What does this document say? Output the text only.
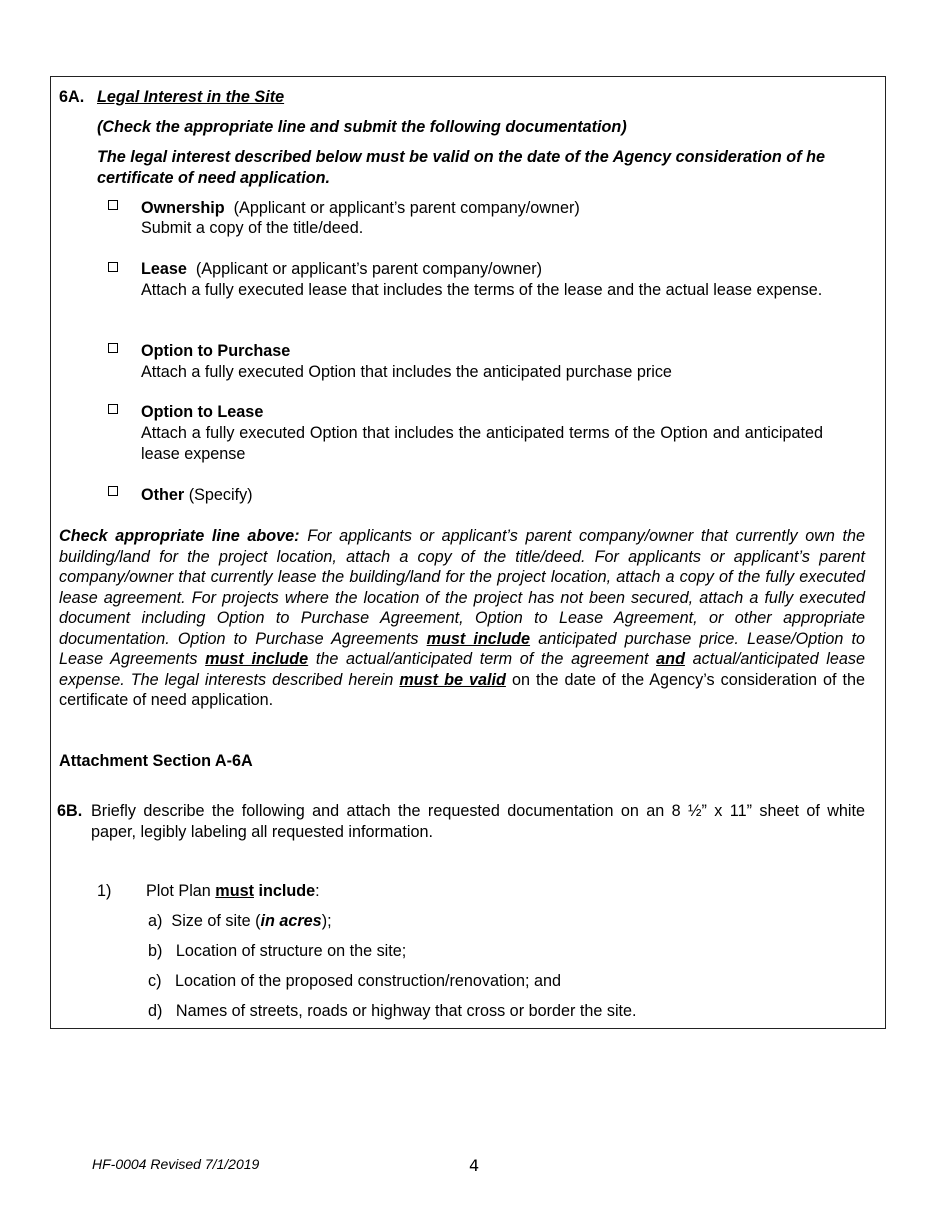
6A. Legal Interest in the Site
(Check the appropriate line and submit the following documentation)
The legal interest described below must be valid on the date of the Agency consideration of he certificate of need application.
Ownership (Applicant or applicant’s parent company/owner)
Submit a copy of the title/deed.
Lease (Applicant or applicant’s parent company/owner)
Attach a fully executed lease that includes the terms of the lease and the actual lease expense.
Option to Purchase
Attach a fully executed Option that includes the anticipated purchase price
Option to Lease
Attach a fully executed Option that includes the anticipated terms of the Option and anticipated lease expense
Other (Specify)
Check appropriate line above: For applicants or applicant’s parent company/owner that currently own the building/land for the project location, attach a copy of the title/deed. For applicants or applicant’s parent company/owner that currently lease the building/land for the project location, attach a copy of the fully executed lease agreement. For projects where the location of the project has not been secured, attach a fully executed document including Option to Purchase Agreement, Option to Lease Agreement, or other appropriate documentation. Option to Purchase Agreements must include anticipated purchase price. Lease/Option to Lease Agreements must include the actual/anticipated term of the agreement and actual/anticipated lease expense. The legal interests described herein must be valid on the date of the Agency’s consideration of the certificate of need application.
Attachment Section A-6A
6B. Briefly describe the following and attach the requested documentation on an 8 ½” x 11” sheet of white paper, legibly labeling all requested information.
1) Plot Plan must include:
a) Size of site (in acres);
b) Location of structure on the site;
c) Location of the proposed construction/renovation; and
d) Names of streets, roads or highway that cross or border the site.
HF-0004 Revised 7/1/2019	4
